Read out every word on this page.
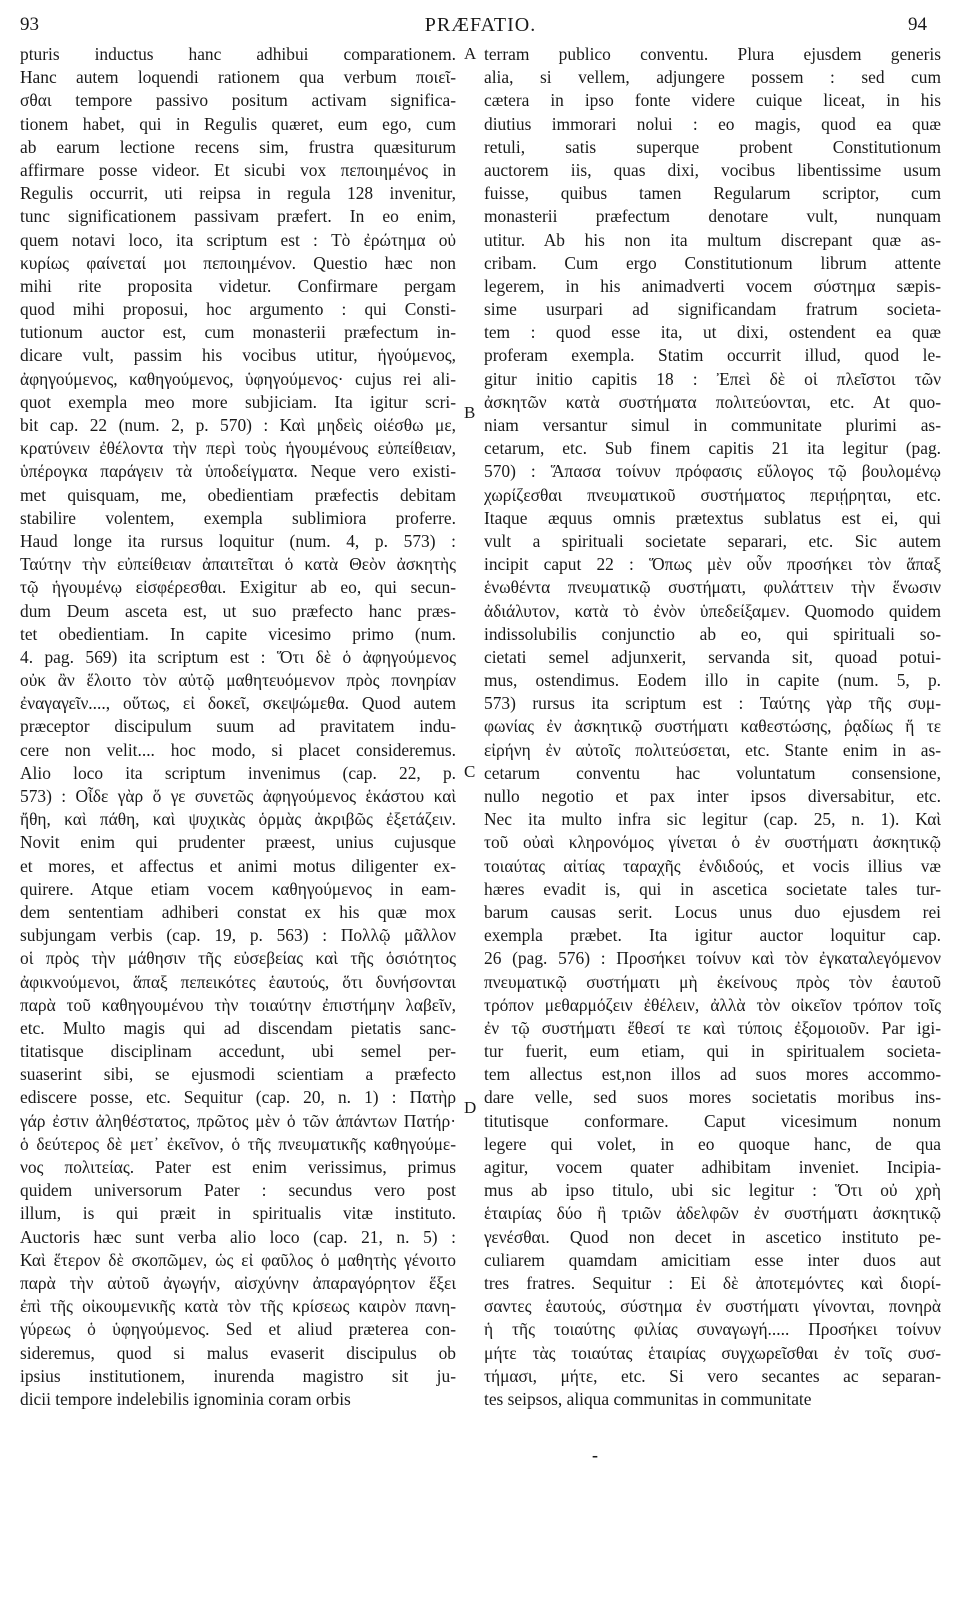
93	PRÆFATIO.	94
A
B
C
D
pturis inductus hanc adhibui comparationem.
Hanc autem loquendi rationem qua verbum ποιεῖ-
σθαι tempore passivo positum activam significa-
tionem habet, qui in Regulis quæret, eum ego, cum
ab earum lectione recens sim, frustra quæsiturum
affirmare posse videor. Et sicubi vox πεποιημένος in
Regulis occurrit, uti reipsa in regula 128 invenitur,
tunc significationem passivam præfert. In eo enim,
quem notavi loco, ita scriptum est : Τὸ ἐρώτημα οὐ
κυρίως φαίνεταί μοι πεποιημένον. Questio hæc non
mihi rite proposita videtur. Confirmare pergam
quod mihi proposui, hoc argumento : qui Consti-
tutionum auctor est, cum monasterii præfectum in-
dicare vult, passim his vocibus utitur, ἡγούμενος,
ἀφηγούμενος, καθηγούμενος, ὑφηγούμενος· cujus rei ali-
quot exempla meo more subjiciam. Ita igitur scri-
bit cap. 22 (num. 2, p. 570) : Καὶ μηδεὶς οἰέσθω με,
κρατύνειν ἐθέλοντα τὴν περὶ τοὺς ἡγουμένους εὐπείθειαν,
ὑπέρογκα παράγειν τὰ ὑποδείγματα. Neque vero existi-
met quisquam, me, obedientiam præfectis debitam
stabilire volentem, exempla sublimiora proferre.
Haud longe ita rursus loquitur (num. 4, p. 573) :
Ταύτην τὴν εὐπείθειαν ἀπαιτεῖται ὁ κατὰ Θεὸν ἀσκητὴς
τῷ ἡγουμένῳ εἰσφέρεσθαι. Exigitur ab eo, qui secun-
dum Deum asceta est, ut suo præfecto hanc præs-
tet obedientiam. In capite vicesimo primo (num.
4. pag. 569) ita scriptum est : Ὅτι δὲ ὁ ἀφηγούμενος
οὐκ ἂν ἕλοιτο τὸν αὐτῷ μαθητευόμενον πρὸς πονηρίαν
ἐναγαγεῖν...., οὕτως, εἰ δοκεῖ, σκεψώμεθα. Quod autem
præceptor discipulum suum ad pravitatem indu-
cere non velit.... hoc modo, si placet consideremus.
Alio loco ita scriptum invenimus (cap. 22, p.
573) : Οἶδε γὰρ ὅ γε συνετῶς ἀφηγούμενος ἑκάστου καὶ
ἤθη, καὶ πάθη, καὶ ψυχικὰς ὁρμὰς ἀκριβῶς ἐξετάζειν.
Novit enim qui prudenter præest, unius cujusque
et mores, et affectus et animi motus diligenter ex-
quirere. Atque etiam vocem καθηγούμενος in eam-
dem sententiam adhiberi constat ex his quæ mox
subjungam verbis (cap. 19, p. 563) : Πολλῷ μᾶλλον
οἱ πρὸς τὴν μάθησιν τῆς εὐσεβείας καὶ τῆς ὁσιότητος
ἀφικνούμενοι, ἅπαξ πεπεικότες ἑαυτούς, ὅτι δυνήσονται
παρὰ τοῦ καθηγουμένου τὴν τοιαύτην ἐπιστήμην λαβεῖν,
etc. Multo magis qui ad discendam pietatis sanc-
titatisque disciplinam accedunt, ubi semel per-
suaserint sibi, se ejusmodi scientiam a præfecto
ediscere posse, etc. Sequitur (cap. 20, n. 1) : Πατὴρ
γάρ ἐστιν ἀληθέστατος, πρῶτος μὲν ὁ τῶν ἁπάντων Πατήρ·
ὁ δεύτερος δὲ μετ᾽ ἐκεῖνον, ὁ τῆς πνευματικῆς καθηγούμε-
νος πολιτείας. Pater est enim verissimus, primus
quidem universorum Pater : secundus vero post
illum, is qui præit in spiritualis vitæ instituto.
Auctoris hæc sunt verba alio loco (cap. 21, n. 5) :
Καὶ ἕτερον δὲ σκοπῶμεν, ὡς εἰ φαῦλος ὁ μαθητὴς γένοιτο
παρὰ τὴν αὐτοῦ ἀγωγήν, αἰσχύνην ἀπαραγόρητον ἕξει
ἐπὶ τῆς οἰκουμενικῆς κατὰ τὸν τῆς κρίσεως καιρὸν πανη-
γύρεως ὁ ὑφηγούμενος. Sed et aliud præterea con-
sideremus, quod si malus evaserit discipulus ob
ipsius institutionem, inurenda magistro sit ju-
dicii tempore indelebilis ignominia coram orbis
terram publico conventu. Plura ejusdem generis
alia, si vellem, adjungere possem : sed cum
cætera in ipso fonte videre cuique liceat, in his
diutius immorari nolui : eo magis, quod ea quæ
retuli, satis superque probent Constitutionum
auctorem iis, quas dixi, vocibus libentissime usum
fuisse, quibus tamen Regularum scriptor, cum
monasterii præfectum denotare vult, nunquam
utitur. Ab his non ita multum discrepant quæ as-
cribam. Cum ergo Constitutionum librum attente
legerem, in his animadverti vocem σύστημα sæpis-
sime usurpari ad significandam fratrum societa-
tem : quod esse ita, ut dixi, ostendent ea quæ
proferam exempla. Statim occurrit illud, quod le-
gitur initio capitis 18 : Ἐπεὶ δὲ οἱ πλεῖστοι τῶν
ἀσκητῶν κατὰ συστήματα πολιτεύονται, etc. At quo-
niam versantur simul in communitate plurimi as-
cetarum, etc. Sub finem capitis 21 ita legitur (pag.
570) : Ἅπασα τοίνυν πρόφασις εὔλογος τῷ βουλομένῳ
χωρίζεσθαι πνευματικοῦ συστήματος περιῄρηται, etc.
Itaque æquus omnis prætextus sublatus est ei, qui
vult a spirituali societate separari, etc. Sic autem
incipit caput 22 : Ὅπως μὲν οὖν προσήκει τὸν ἅπαξ
ἑνωθέντα πνευματικῷ συστήματι, φυλάττειν τὴν ἕνωσιν
ἀδιάλυτον, κατὰ τὸ ἐνὸν ὑπεδείξαμεν. Quomodo quidem
indissolubilis conjunctio ab eo, qui spirituali so-
cietati semel adjunxerit, servanda sit, quoad potui-
mus, ostendimus. Eodem illo in capite (num. 5, p.
573) rursus ita scriptum est : Ταύτης γὰρ τῆς συμ-
φωνίας ἐν ἀσκητικῷ συστήματι καθεστώσης, ῥᾳδίως ἥ τε
εἰρήνη ἐν αὐτοῖς πολιτεύσεται, etc. Stante enim in as-
cetarum conventu hac voluntatum consensione,
nullo negotio et pax inter ipsos diversabitur, etc.
Nec ita multo infra sic legitur (cap. 25, n. 1). Καὶ
τοῦ οὐαὶ κληρονόμος γίνεται ὁ ἐν συστήματι ἀσκητικῷ
τοιαύτας αἰτίας ταραχῆς ἐνδιδούς, et vocis illius væ
hæres evadit is, qui in ascetica societate tales tur-
barum causas serit. Locus unus duo ejusdem rei
exempla præbet. Ita igitur auctor loquitur cap.
26 (pag. 576) : Προσήκει τοίνυν καὶ τὸν ἐγκαταλεγόμενον
πνευματικῷ συστήματι μὴ ἐκείνους πρὸς τὸν ἑαυτοῦ
τρόπον μεθαρμόζειν ἐθέλειν, ἀλλὰ τὸν οἰκεῖον τρόπον τοῖς
ἐν τῷ συστήματι ἔθεσί τε καὶ τύποις ἐξομοιοῦν. Par igi-
tur fuerit, eum etiam, qui in spiritualem societa-
tem allectus est,non illos ad suos mores accommo-
dare velle, sed suos mores societatis moribus ins-
titutisque conformare. Caput vicesimum nonum
legere qui volet, in eo quoque hanc, de qua
agitur, vocem quater adhibitam inveniet. Incipia-
mus ab ipso titulo, ubi sic legitur : Ὅτι οὐ χρὴ
ἑταιρίας δύο ἢ τριῶν ἀδελφῶν ἐν συστήματι ἀσκητικῷ
γενέσθαι. Quod non decet in ascetico instituto pe-
culiarem quamdam amicitiam esse inter duos aut
tres fratres. Sequitur : Εἰ δὲ ἀποτεμόντες καὶ διορί-
σαντες ἑαυτούς, σύστημα ἐν συστήματι γίνονται, πονηρὰ
ἡ τῆς τοιαύτης φιλίας συναγωγή..... Προσήκει τοίνυν
μήτε τὰς τοιαύτας ἑταιρίας συγχωρεῖσθαι ἐν τοῖς συσ-
τήμασι, μήτε, etc. Si vero secantes ac separan-
tes seipsos, aliqua communitas in communitate
-
